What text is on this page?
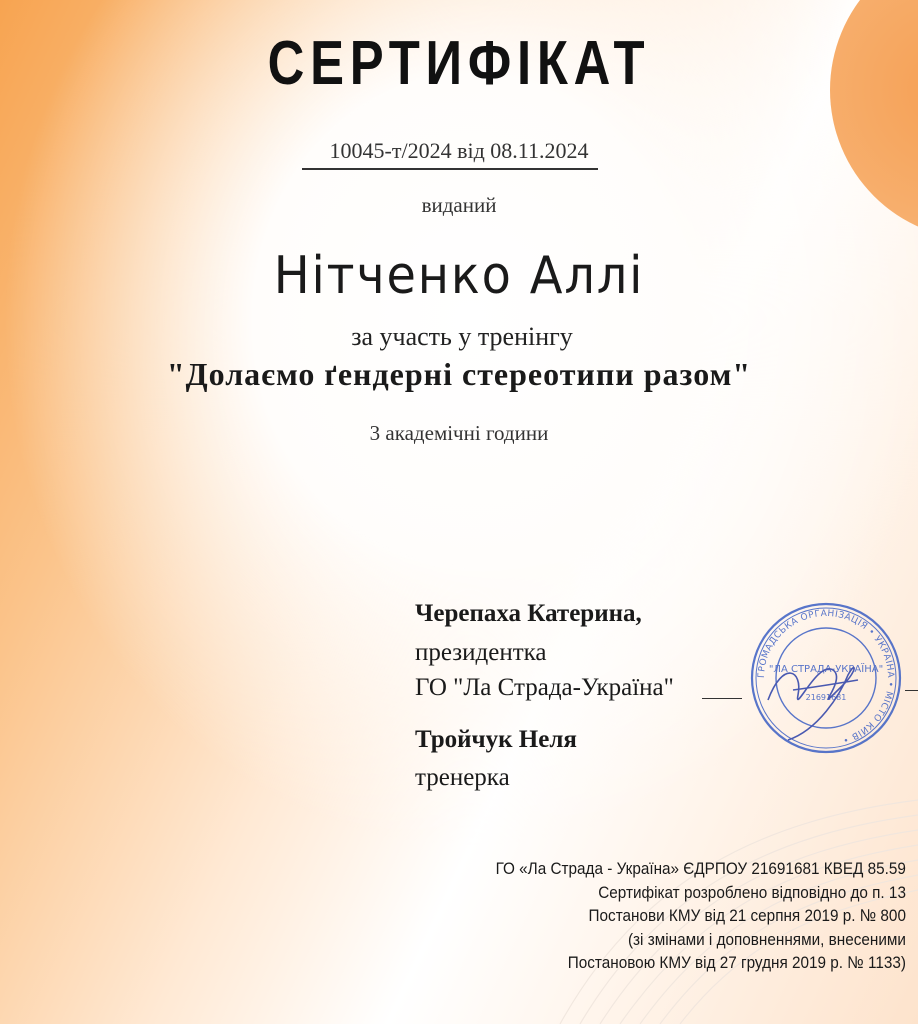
СЕРТИФІКАТ
10045-т/2024 від 08.11.2024
виданий
Нітченко Аллі
за участь у тренінгу
"Долаємо ґендерні стереотипи разом"
3 академічні години
Черепаха Катерина,
президентка
ГО "Ла Страда-Україна"
Тройчук Неля
тренерка
ГРОМАДСЬКА ОРГАНІЗАЦІЯ • УКРАЇНА • МІСТО КИЇВ •
"ЛА СТРАДА-УКРАЇНА"
21691681
ГО «Ла Страда - Україна» ЄДРПОУ 21691681 КВЕД 85.59
Сертифікат розроблено відповідно до п. 13
Постанови КМУ від 21 серпня 2019 р. № 800
(зі змінами і доповненнями, внесеними
Постановою КМУ від 27 грудня 2019 р. № 1133)
